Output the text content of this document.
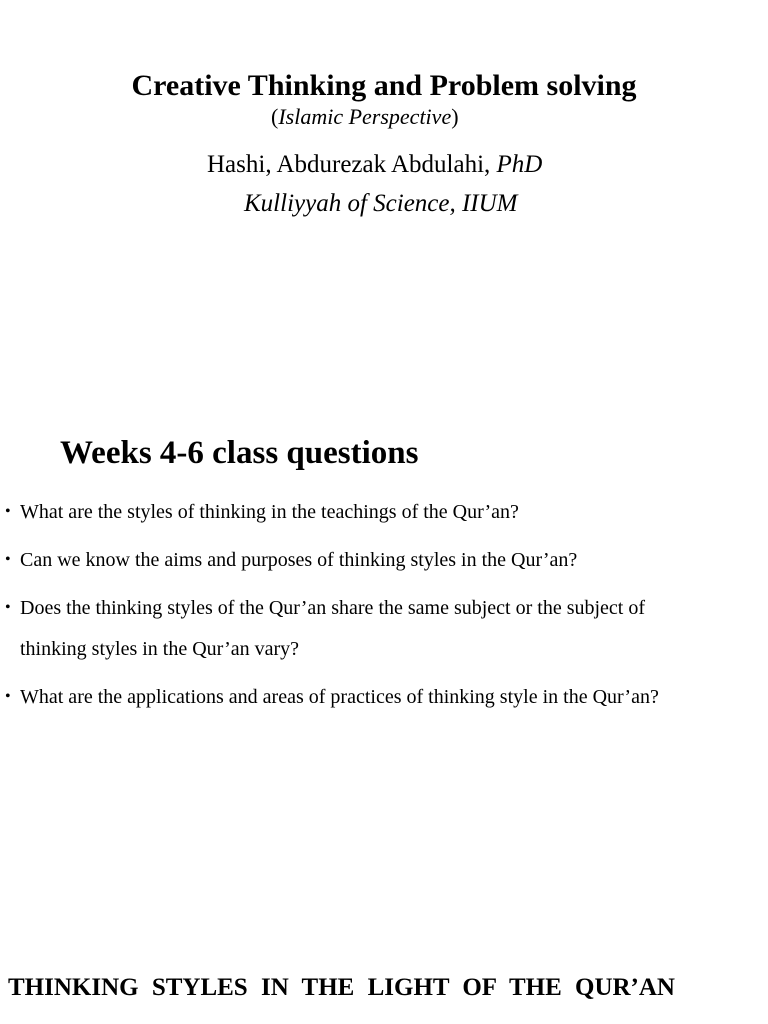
Creative Thinking and Problem solving
(Islamic Perspective)
Hashi, Abdurezak Abdulahi, PhD
Kulliyyah of Science, IIUM
Weeks 4-6 class questions
• What are the styles of thinking in the teachings of the Qur’an?
• Can we know the aims and purposes of thinking styles in the Qur’an?
• Does the thinking styles of the Qur’an share the same subject or the subject of
thinking styles in the Qur’an vary?
• What are the applications and areas of practices of thinking style in the Qur’an?
THINKING STYLES IN THE LIGHT OF THE QUR’AN
